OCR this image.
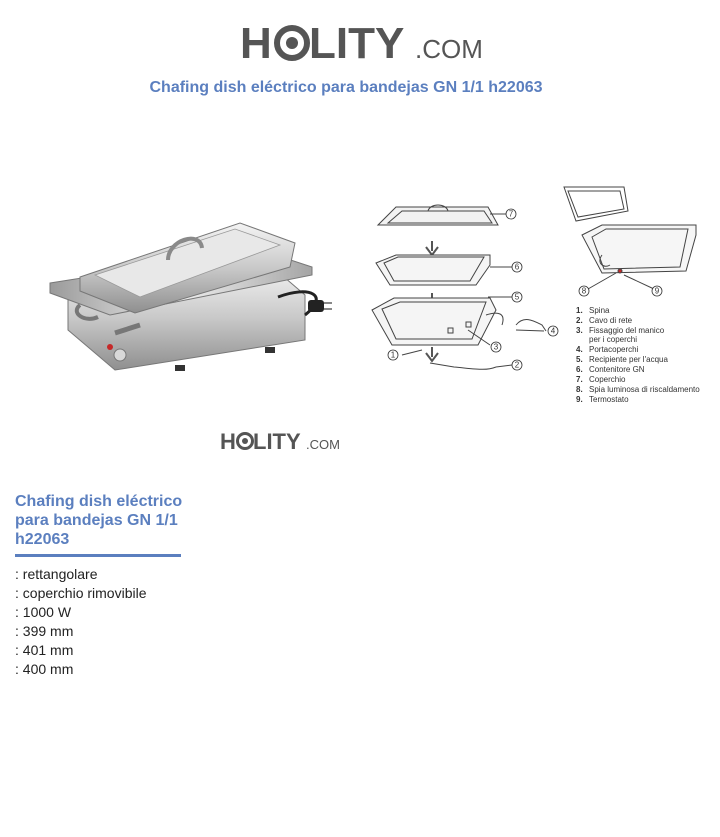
H LITY .COM
Chafing dish eléctrico para bandejas GN 1/1 h22063
7
6
5
4
3
1
2
8	9
1. Spina
2. Cavo di rete
3. Fissaggio del manico
per i coperchi
4. Portacoperchi
5. Recipiente per l'acqua
6. Contenitore GN
7. Coperchio
8. Spia luminosa di riscaldamento
9. Termostato
H LITY .COM
Chafing dish eléctrico para bandejas GN 1/1 h22063
: rettangolare
: coperchio rimovibile
: 1000 W
: 399 mm
: 401 mm
: 400 mm
